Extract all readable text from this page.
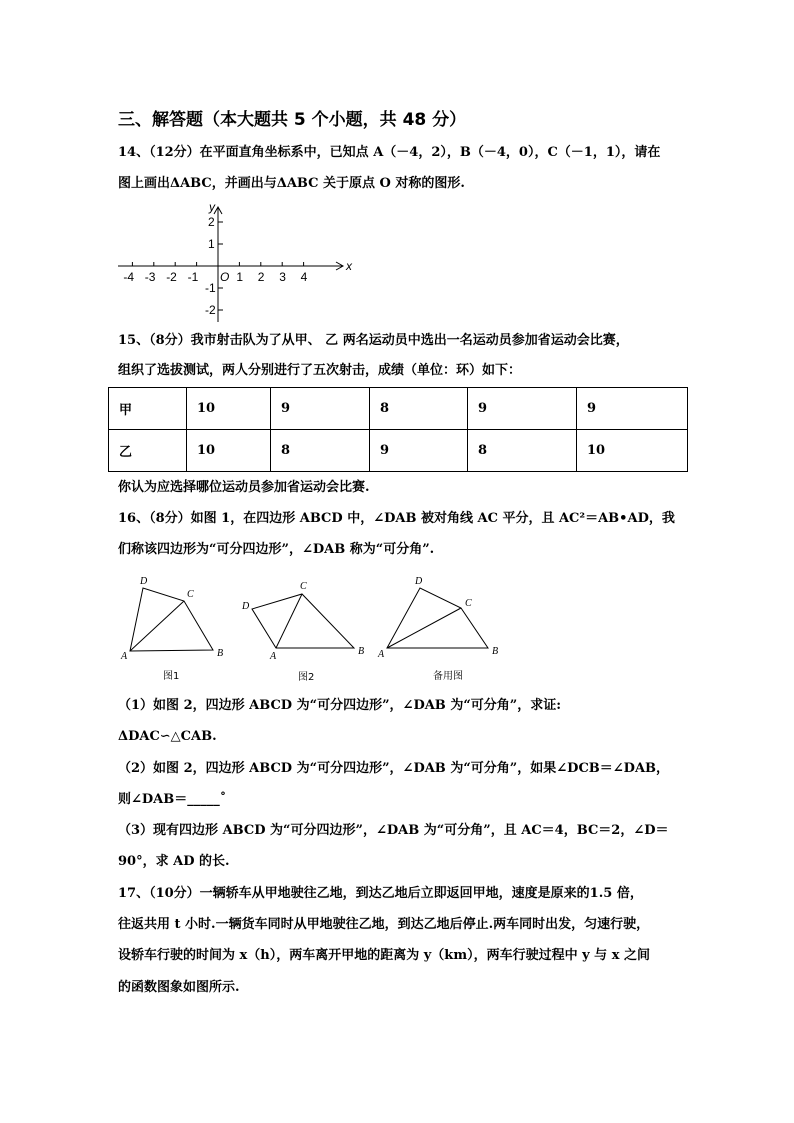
三、解答题（本大题共 5 个小题，共 48 分）
14、（12分）在平面直角坐标系中，已知点 A（－4，2），B（－4，0），C（－1，1），请在
图上画出ΔABC，并画出与ΔABC 关于原点 O 对称的图形.
-4 -3 -2 -1	1 2 3 4
2
1
-1
-2
O
x
y
D
C
A	B
图1
D
C
A	B
图2
D
C
A	B
备用图
15、（8分）我市射击队为了从甲、 乙 两名运动员中选出一名运动员参加省运动会比赛，
组织了选拔测试，两人分别进行了五次射击，成绩（单位：环）如下：
甲	10	9	8	9	9
乙	10	8	9	8	10
你认为应选择哪位运动员参加省运动会比赛.
16、（8分）如图 1，在四边形 ABCD 中，∠DAB 被对角线 AC 平分，且 AC²＝AB•AD，我
们称该四边形为“可分四边形”，∠DAB 称为“可分角”.
（1）如图 2，四边形 ABCD 为“可分四边形”，∠DAB 为“可分角”，求证:
ΔDAC∽△CAB.
（2）如图 2，四边形 ABCD 为“可分四边形”，∠DAB 为“可分角”，如果∠DCB＝∠DAB，
则∠DAB＝_____˚
（3）现有四边形 ABCD 为“可分四边形”，∠DAB 为“可分角”，且 AC＝4，BC＝2，∠D＝
90°，求 AD 的长.
17、（10分）一辆轿车从甲地驶往乙地，到达乙地后立即返回甲地，速度是原来的1.5 倍，
往返共用 t 小时.一辆货车同时从甲地驶往乙地，到达乙地后停止.两车同时出发，匀速行驶，
设轿车行驶的时间为 x（h），两车离开甲地的距离为 y（km），两车行驶过程中 y 与 x 之间
的函数图象如图所示.
